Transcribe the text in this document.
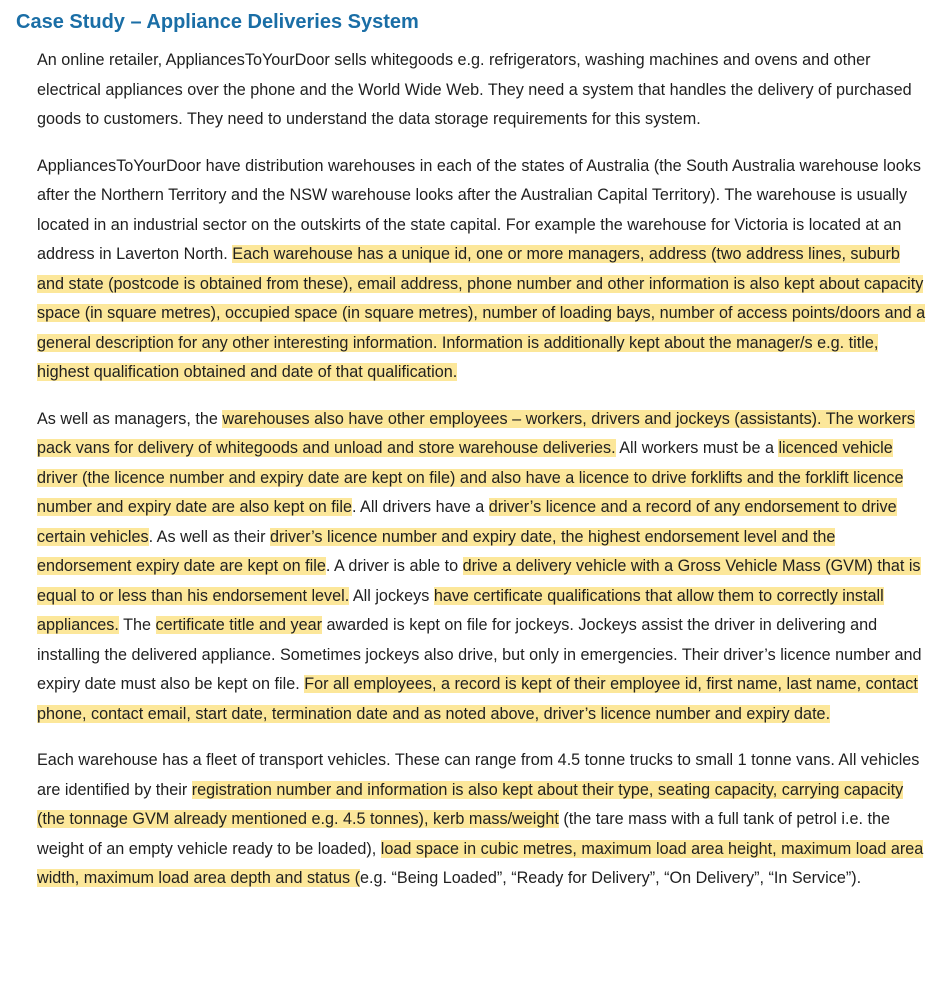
Case Study – Appliance Deliveries System

An online retailer, AppliancesToYourDoor sells whitegoods e.g. refrigerators, washing machines and ovens and other electrical appliances over the phone and the World Wide Web. They need a system that handles the delivery of purchased goods to customers. They need to understand the data storage requirements for this system.

AppliancesToYourDoor have distribution warehouses in each of the states of Australia (the South Australia warehouse looks after the Northern Territory and the NSW warehouse looks after the Australian Capital Territory). The warehouse is usually located in an industrial sector on the outskirts of the state capital. For example the warehouse for Victoria is located at an address in Laverton North. Each warehouse has a unique id, one or more managers, address (two address lines, suburb and state (postcode is obtained from these), email address, phone number and other information is also kept about capacity space (in square metres), occupied space (in square metres), number of loading bays, number of access points/doors and a general description for any other interesting information. Information is additionally kept about the manager/s e.g. title, highest qualification obtained and date of that qualification.

As well as managers, the warehouses also have other employees – workers, drivers and jockeys (assistants). The workers pack vans for delivery of whitegoods and unload and store warehouse deliveries. All workers must be a licenced vehicle driver (the licence number and expiry date are kept on file) and also have a licence to drive forklifts and the forklift licence number and expiry date are also kept on file. All drivers have a driver’s licence and a record of any endorsement to drive certain vehicles. As well as their driver’s licence number and expiry date, the highest endorsement level and the endorsement expiry date are kept on file. A driver is able to drive a delivery vehicle with a Gross Vehicle Mass (GVM) that is equal to or less than his endorsement level. All jockeys have certificate qualifications that allow them to correctly install appliances. The certificate title and year awarded is kept on file for jockeys. Jockeys assist the driver in delivering and installing the delivered appliance. Sometimes jockeys also drive, but only in emergencies. Their driver’s licence number and expiry date must also be kept on file. For all employees, a record is kept of their employee id, first name, last name, contact phone, contact email, start date, termination date and as noted above, driver’s licence number and expiry date.

Each warehouse has a fleet of transport vehicles. These can range from 4.5 tonne trucks to small 1 tonne vans. All vehicles are identified by their registration number and information is also kept about their type, seating capacity, carrying capacity (the tonnage GVM already mentioned e.g. 4.5 tonnes), kerb mass/weight (the tare mass with a full tank of petrol i.e. the weight of an empty vehicle ready to be loaded), load space in cubic metres, maximum load area height, maximum load area width, maximum load area depth and status (e.g. “Being Loaded”, “Ready for Delivery”, “On Delivery”, “In Service”).
